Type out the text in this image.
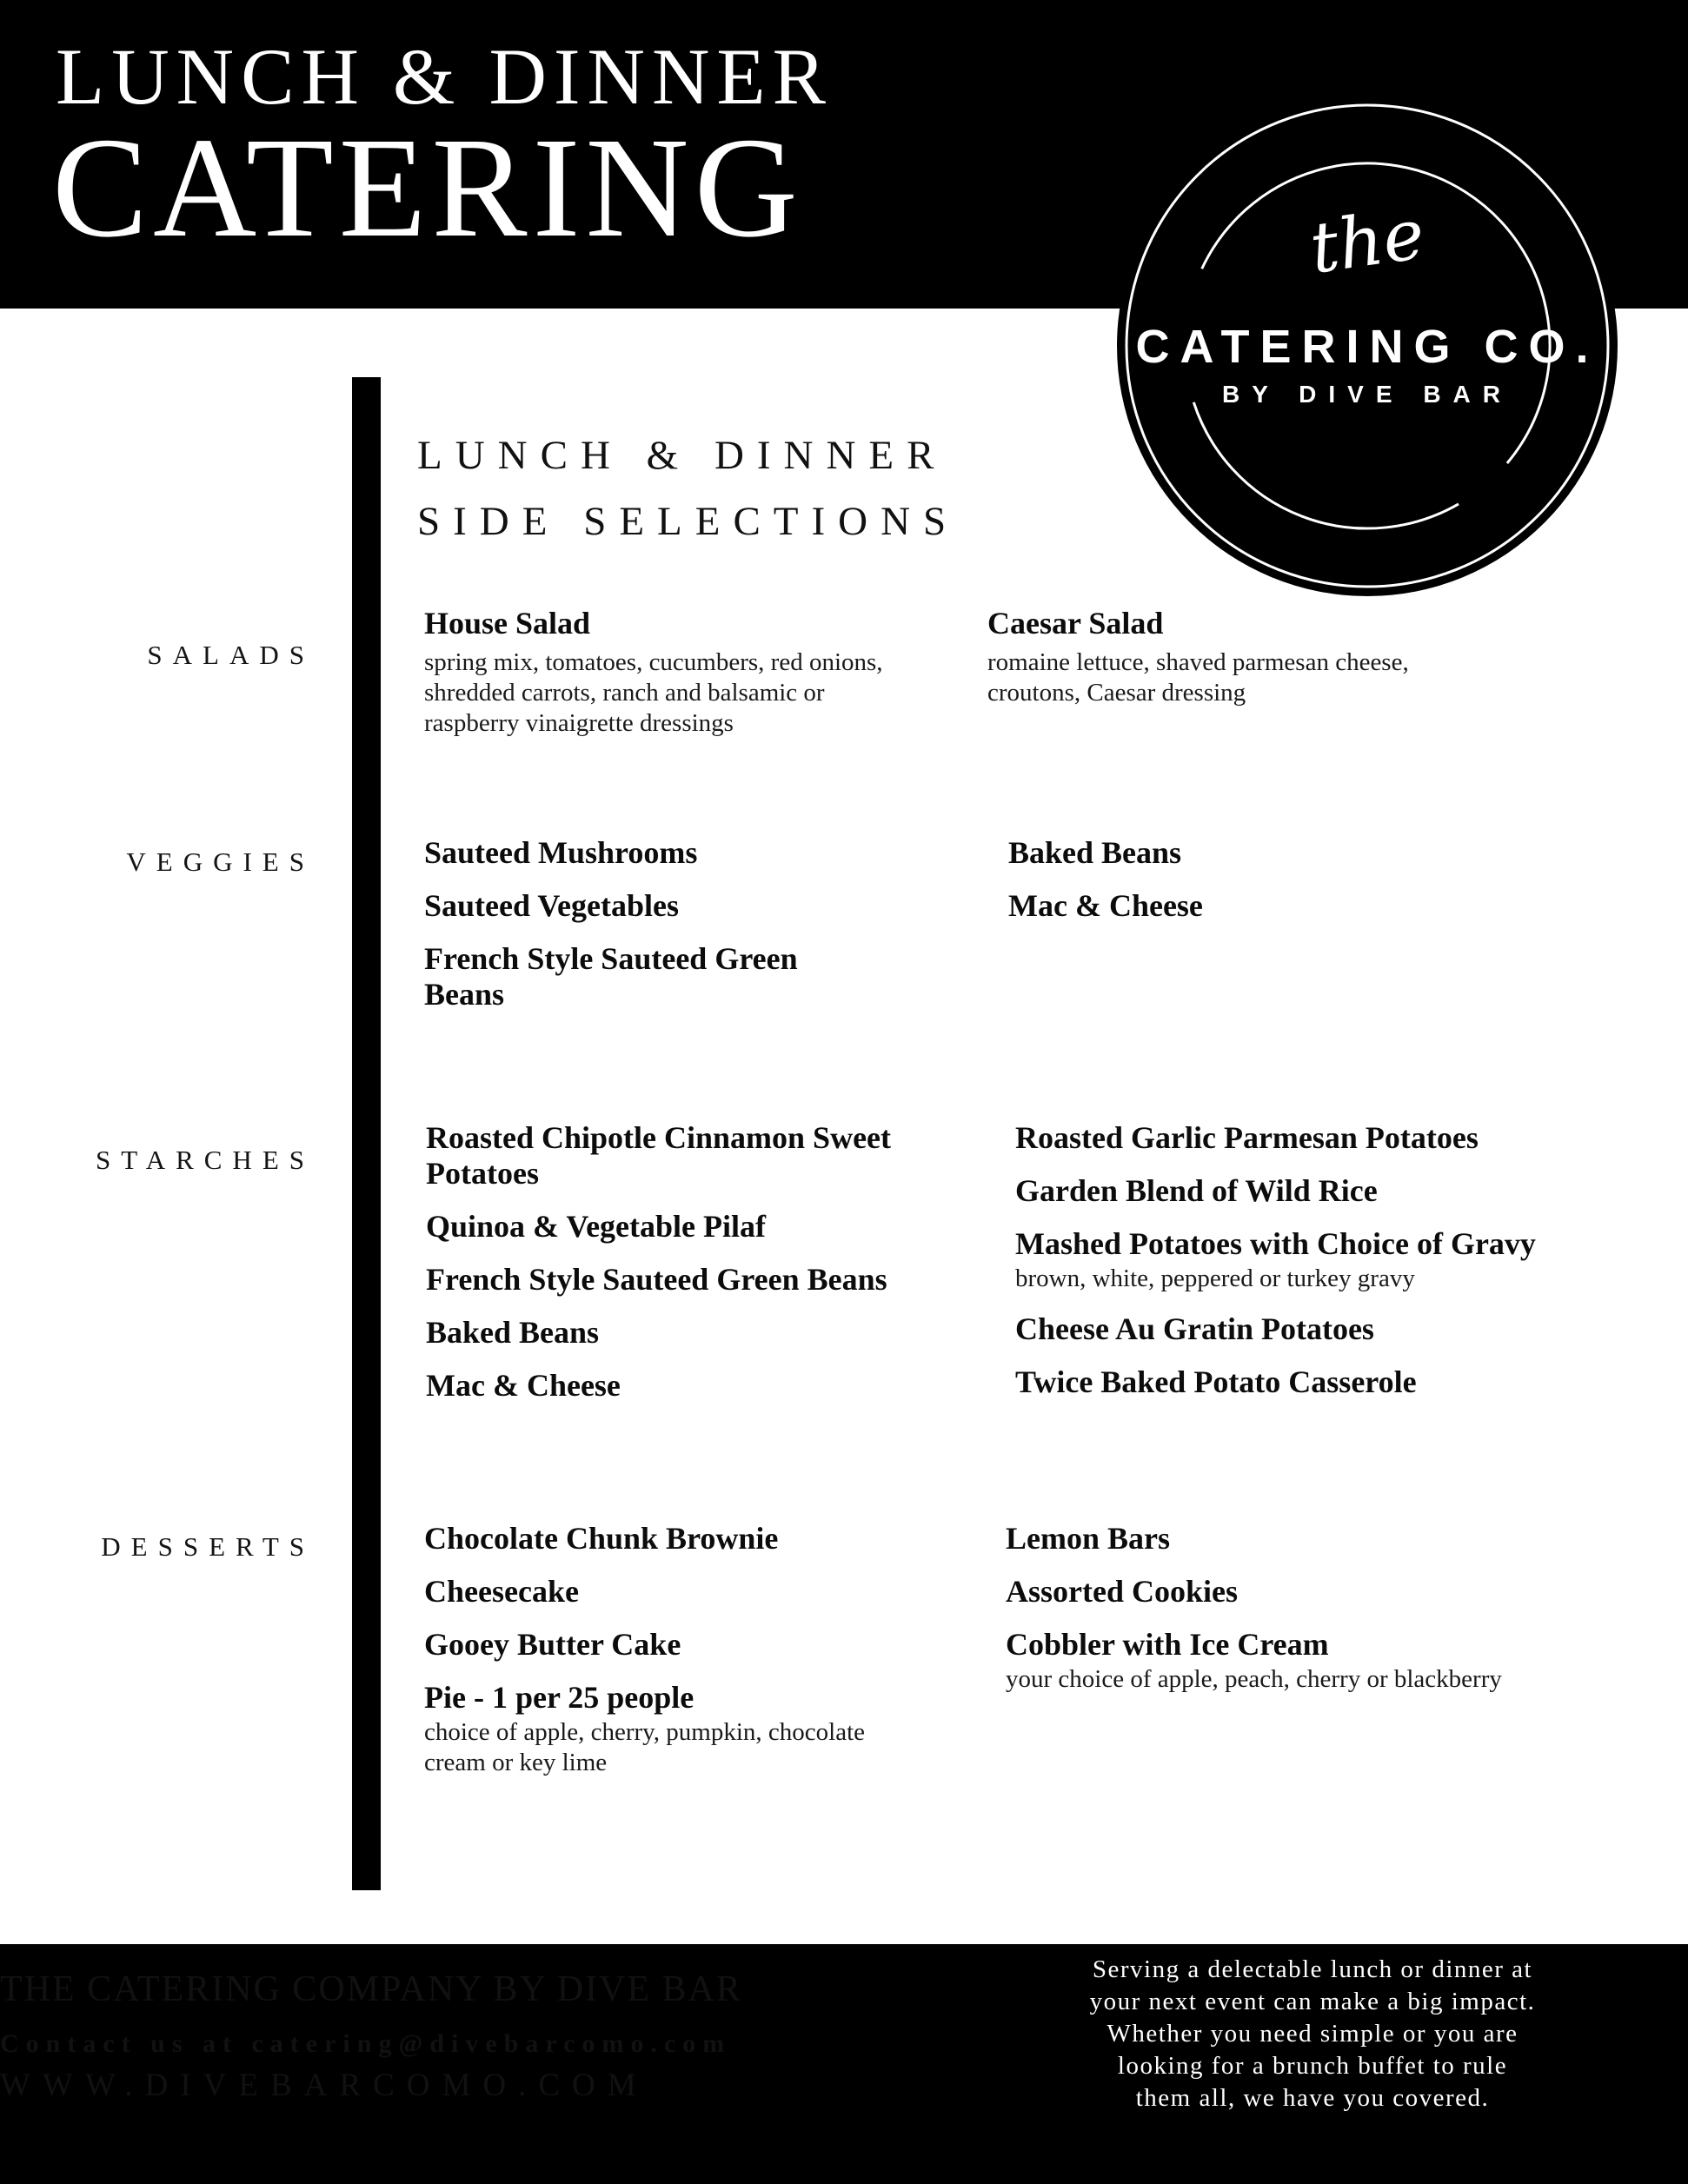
LUNCH & DINNER
CATERING	the
CATERING CO.
BY DIVE BAR
LUNCH & DINNER
SIDE SELECTIONS
SALADS
VEGGIES
STARCHES
DESSERTS
House Salad
spring mix, tomatoes, cucumbers, red onions,
shredded carrots, ranch and balsamic or
raspberry vinaigrette dressings
Caesar Salad
romaine lettuce, shaved parmesan cheese,
croutons, Caesar dressing
Sauteed Mushrooms
Sauteed Vegetables
French Style Sauteed Green Beans
Baked Beans
Mac & Cheese
Roasted Chipotle Cinnamon Sweet Potatoes
Quinoa & Vegetable Pilaf
French Style Sauteed Green Beans
Baked Beans
Mac & Cheese
Roasted Garlic Parmesan Potatoes
Garden Blend of Wild Rice
Mashed Potatoes with Choice of Gravy
brown, white, peppered or turkey gravy
Cheese Au Gratin Potatoes
Twice Baked Potato Casserole
Chocolate Chunk Brownie
Cheesecake
Gooey Butter Cake
Pie - 1 per 25 people
choice of apple, cherry, pumpkin, chocolate
cream or key lime
Lemon Bars
Assorted Cookies
Cobbler with Ice Cream
your choice of apple, peach, cherry or blackberry
THE CATERING COMPANY BY DIVE BAR
Contact us at catering@divebarcomo.com
WWW.DIVEBARCOMO.COM
Serving a delectable lunch or dinner at
your next event can make a big impact.
Whether you need simple or you are
looking for a brunch buffet to rule
them all, we have you covered.
